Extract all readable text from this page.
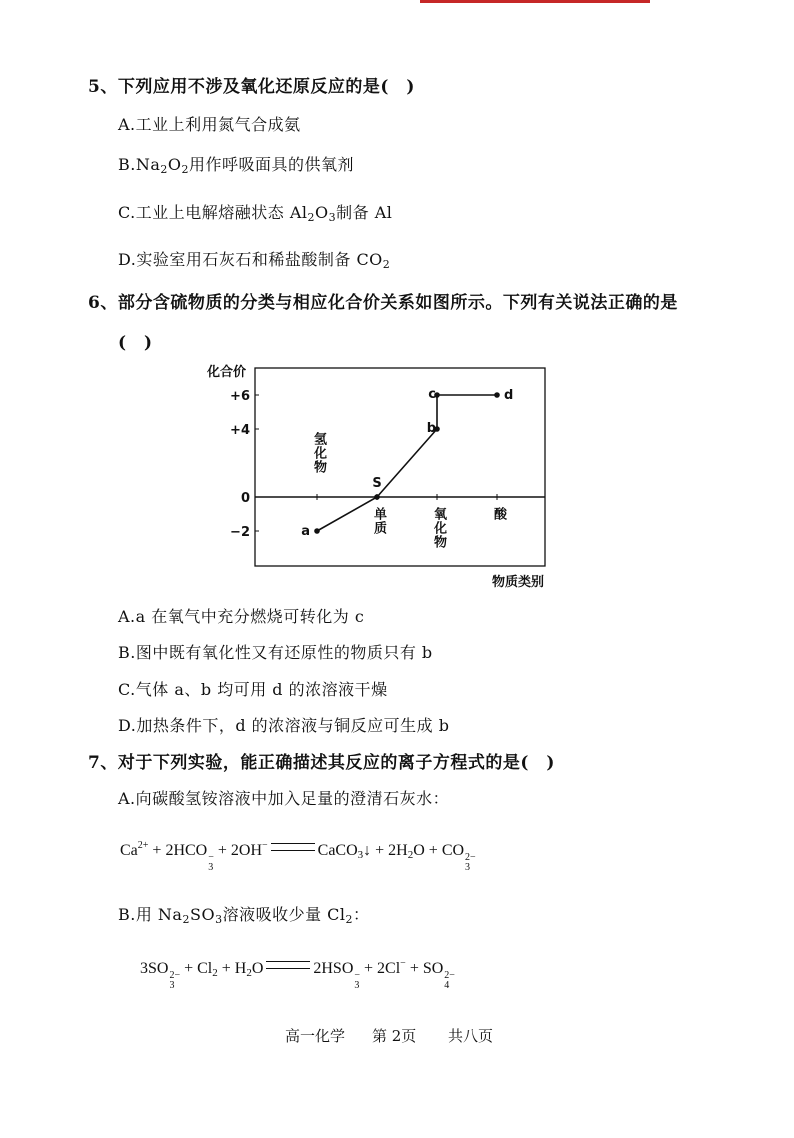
5、下列应用不涉及氧化还原反应的是(　)
A.工业上利用氮气合成氨
$B.Na_2O_2$用作呼吸面具的供氧剂
C.工业上电解熔融状态 $Al_2O_3$制备 Al
D.实验室用石灰石和稀盐酸制备 $CO_2$
6、部分含硫物质的分类与相应化合价关系如图所示。下列有关说法正确的是
(　)
化合价
+6
+4
0
−2
物质类别
a
S
b
c	d
氢化物
单质	氧化物	酸
A.a 在氧气中充分燃烧可转化为 c
B.图中既有氧化性又有还原性的物质只有 b
C.气体 a、b 均可用 d 的浓溶液干燥
D.加热条件下，d 的浓溶液与铜反应可生成 b
7、对于下列实验，能正确描述其反应的离子方程式的是(　)
A.向碳酸氢铵溶液中加入足量的澄清石灰水：
$Ca^{2+} + 2HCO$ −
3
+ 2OH−	CaCO$_3$↓ + $2H_2O$ + CO 2−
3
B.用 $Na_2SO_3$溶液吸收少量 $Cl_2$：
3SO 2−
3
+ $Cl_2 + H_2O$	2HSO −
3
+ 2Cl− + SO 2−
4
高一化学 第 2页 共八页
